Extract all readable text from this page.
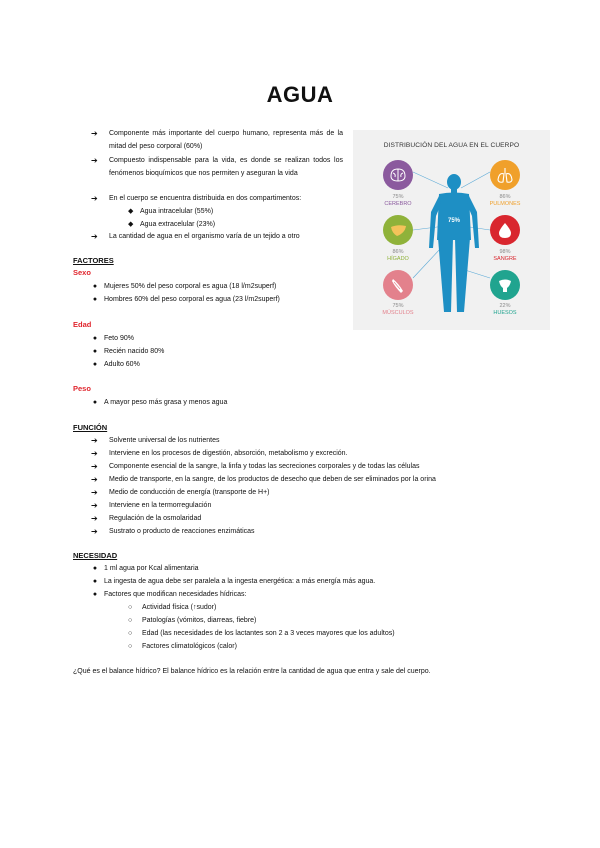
AGUA
➔	Componente más importante del cuerpo humano, representa más de la mitad del peso corporal (60%)
➔	Compuesto indispensable para la vida, es donde se realizan todos los fenómenos bioquímicos que nos permiten y aseguran la vida
➔	En el cuerpo se encuentra distribuida en dos compartimentos:
◆ Agua intracelular (55%)
◆ Agua extracelular (23%)
➔	La cantidad de agua en el organismo varía de un tejido a otro
DISTRIBUCIÓN DEL AGUA EN EL CUERPO
75%
75%
CEREBRO
86%
PULMONES
86%
HÍGADO
98%
SANGRE
75%
MÚSCULOS
22%
HUESOS
FACTORES
Sexo
● Mujeres 50% del peso corporal es agua (18 l/m2superf)
● Hombres 60% del peso corporal es agua (23 l/m2superf)
Edad
● Feto 90%
● Recién nacido 80%
● Adulto 60%
Peso
● A mayor peso más grasa y menos agua
FUNCIÓN
➔	Solvente universal de los nutrientes
➔	Interviene en los procesos de digestión, absorción, metabolismo y excreción.
➔	Componente esencial de la sangre, la linfa y todas las secreciones corporales y de todas las células
➔	Medio de transporte, en la sangre, de los productos de desecho que deben de ser eliminados por la orina
➔	Medio de conducción de energía (transporte de H+)
➔	Interviene en la termorregulación
➔	Regulación de la osmolaridad
➔	Sustrato o producto de reacciones enzimáticas
NECESIDAD
● 1 ml agua por Kcal alimentaria
● La ingesta de agua debe ser paralela a la ingesta energética: a más energía más agua.
● Factores que modifican necesidades hídricas:
○	Actividad física (↑sudor)
○	Patologías (vómitos, diarreas, fiebre)
○	Edad (las necesidades de los lactantes son 2 a 3 veces mayores que los adultos)
○	Factores climatológicos (calor)
¿Qué es el balance hídrico? El balance hídrico es la relación entre la cantidad de agua que entra y sale del cuerpo.
